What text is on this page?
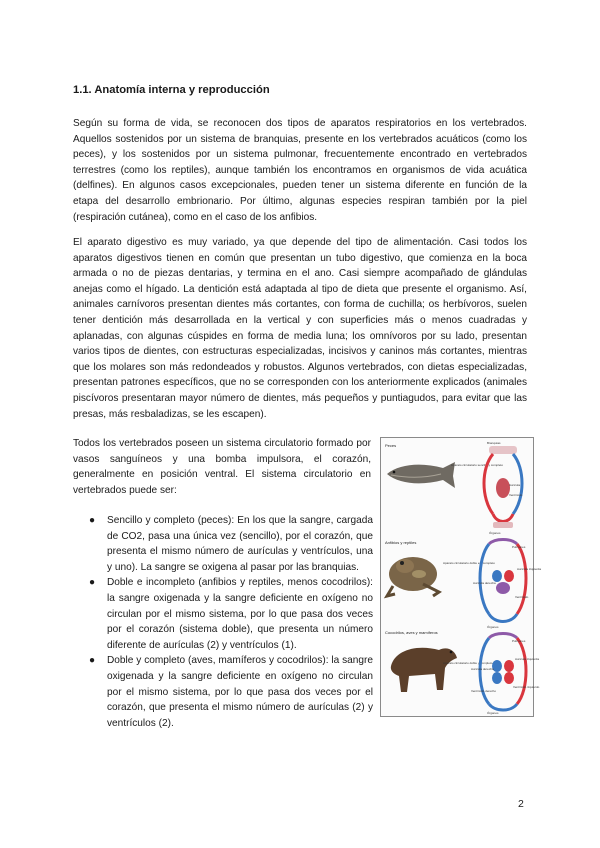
1.1. Anatomía interna y reproducción

Según su forma de vida, se reconocen dos tipos de aparatos respiratorios en los vertebrados. Aquellos sostenidos por un sistema de branquias, presente en los vertebrados acuáticos (como los peces), y los sostenidos por un sistema pulmonar, frecuentemente encontrado en vertebrados terrestres (como los reptiles), aunque también los encontramos en organismos de vida acuática (delfines). En algunos casos excepcionales, pueden tener un sistema diferente en función de la etapa del desarrollo embrionario. Por último, algunas especies respiran también por la piel (respiración cutánea), como en el caso de los anfibios.

El aparato digestivo es muy variado, ya que depende del tipo de alimentación. Casi todos los aparatos digestivos tienen en común que presentan un tubo digestivo, que comienza en la boca armada o no de piezas dentarias, y termina en el ano. Casi siempre acompañado de glándulas anejas como el hígado. La dentición está adaptada al tipo de dieta que presente el organismo. Así, animales carnívoros presentan dientes más cortantes, con forma de cuchilla; os herbívoros, suelen tener dentición más desarrollada en la vertical y con superficies más o menos cuadradas y aplanadas, con algunas cúspides en forma de media luna; los omnívoros por su lado, presentan varios tipos de dientes, con estructuras especializadas, incisivos y caninos más cortantes, mientras que los molares son más redondeados y robustos. Algunos vertebrados, con dietas especializadas, presentan patrones específicos, que no se corresponden con los anteriormente explicados (animales piscívoros presentaran mayor número de dientes, más pequeños y puntiagudos, para evitar que las presas, más resbaladizas, se les escapen).

Todos los vertebrados poseen un sistema circulatorio formado por vasos sanguíneos y una bomba impulsora, el corazón, generalmente en posición ventral. El sistema circulatorio en vertebrados puede ser:

● Sencillo y completo (peces): En los que la sangre, cargada de CO2, pasa una única vez (sencillo), por el corazón, que presenta el mismo número de aurículas y ventrículos, una y uno). La sangre se oxigena al pasar por las branquias.
● Doble e incompleto (anfibios y reptiles, menos cocodrilos): la sangre oxigenada y la sangre deficiente en oxígeno no circulan por el mismo sistema, por lo que pasa dos veces por el corazón (sistema doble), que presenta un número diferente de aurículas (2) y ventrículos (1).
● Doble y completo (aves, mamíferos y cocodrilos): la sangre oxigenada y la sangre deficiente en oxígeno no circulan por el mismo sistema, por lo que pasa dos veces por el corazón, que presenta el mismo número de aurículas (2) y ventrículos (2).
Peces
Aparato circulatorio sencillo y completo
Branquias
Aurícula
Ventrículo
Órganos
Anfibios y reptiles
Aparato circulatorio doble e incompleto
Pulmones
Aurícula izquierda
Aurícula derecha
Ventrículo
Órganos
Cocodrilos, aves y mamíferos
Aparato circulatorio doble y completo
Pulmones
Aurícula izquierda
Aurícula derecha
Ventrículo izquierdo
Ventrículo derecho
Órganos
2
